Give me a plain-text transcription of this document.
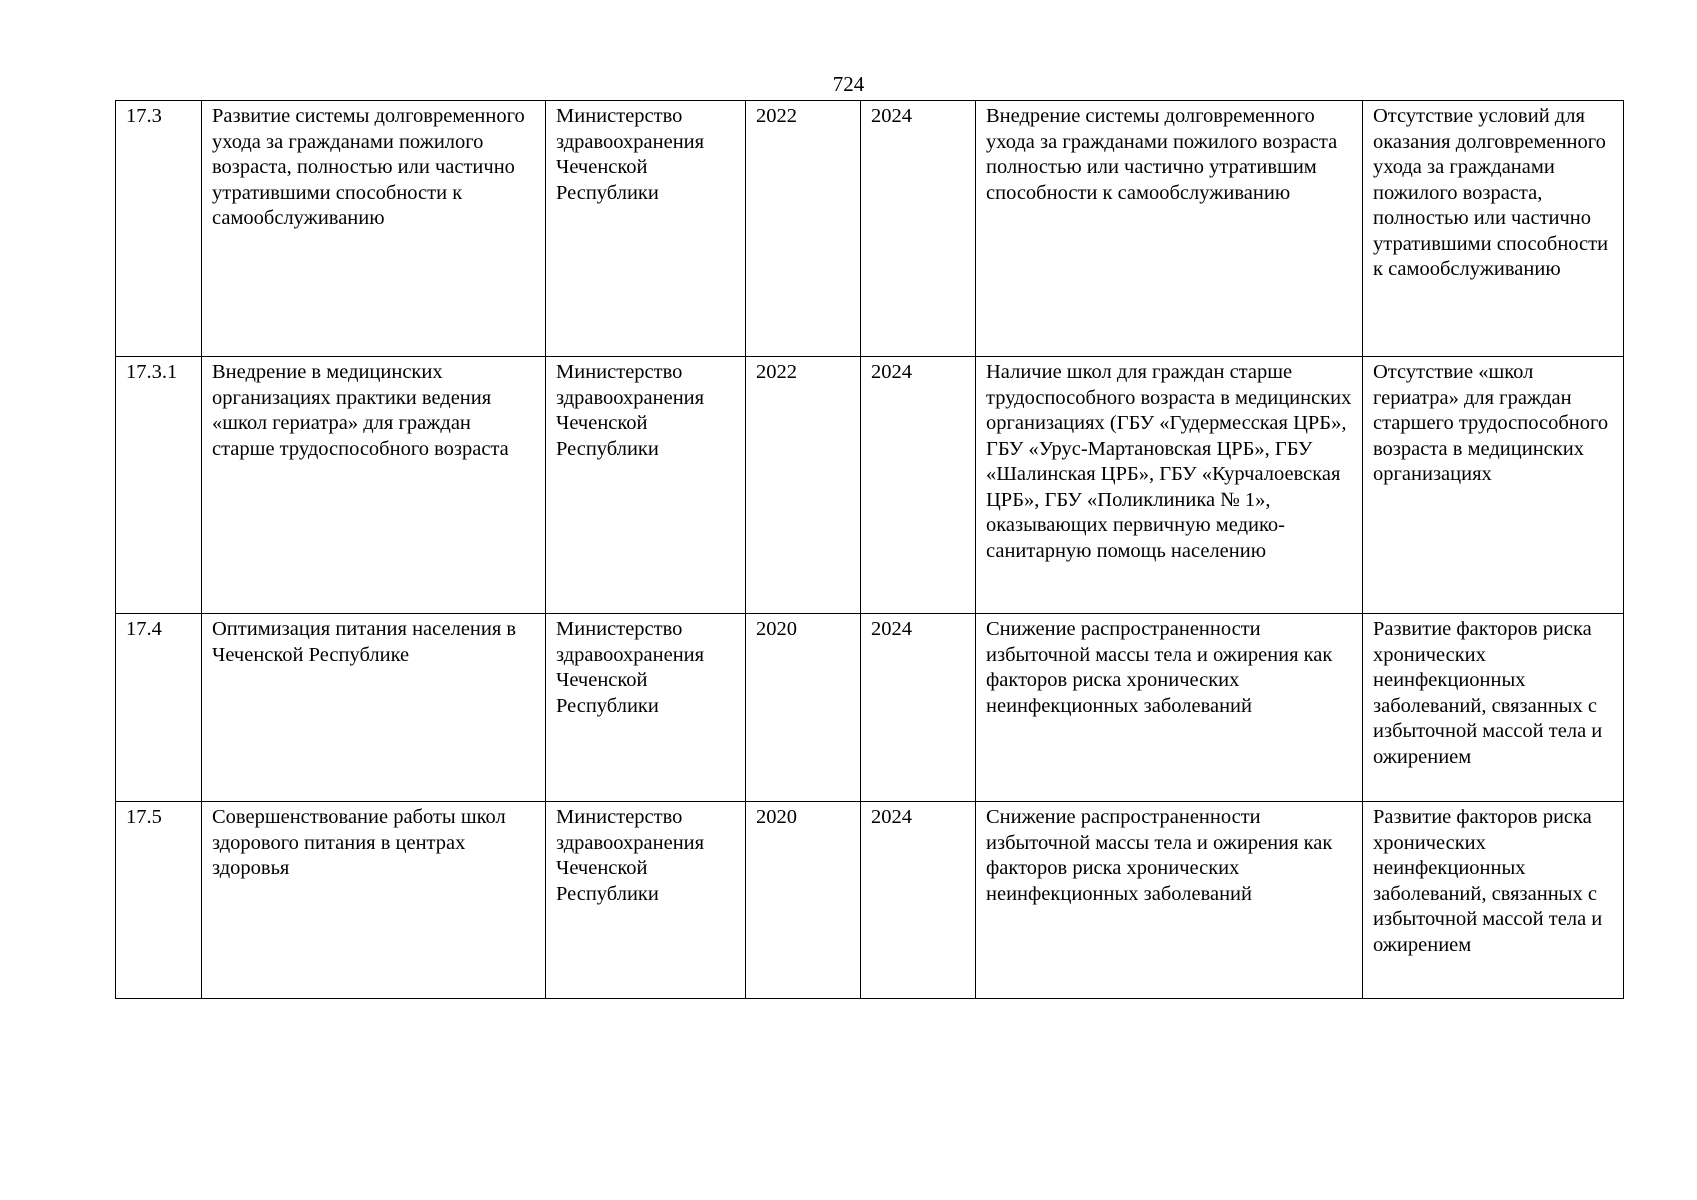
724
17.3	Развитие системы долговременного ухода за гражданами пожилого возраста, полностью или частично утратившими способности к самообслуживанию	Министерство здравоохранения Чеченской Республики	2022	2024	Внедрение системы долговременного ухода за гражданами пожилого возраста полностью или частично утратившим способности к самообслуживанию	Отсутствие условий для оказания долговременного ухода за гражданами пожилого возраста, полностью или частично утратившими способности к самообслуживанию
17.3.1	Внедрение в медицинских организациях практики ведения «школ гериатра» для граждан старше трудоспособного возраста	Министерство здравоохранения Чеченской Республики	2022	2024	Наличие школ для граждан старше трудоспособного возраста в медицинских организациях (ГБУ «Гудермесская ЦРБ», ГБУ «Урус-Мартановская ЦРБ», ГБУ «Шалинская ЦРБ», ГБУ «Курчалоевская ЦРБ», ГБУ «Поликлиника № 1», оказывающих первичную медико-санитарную помощь населению	Отсутствие «школ гериатра» для граждан старшего трудоспособного возраста в медицинских организациях
17.4	Оптимизация питания населения в Чеченской Республике	Министерство здравоохранения Чеченской Республики	2020	2024	Снижение распространенности избыточной массы тела и ожирения как факторов риска хронических неинфекционных заболеваний	Развитие факторов риска хронических неинфекционных заболеваний, связанных с избыточной массой тела и ожирением
17.5	Совершенствование работы школ здорового питания в центрах здоровья	Министерство здравоохранения Чеченской Республики	2020	2024	Снижение распространенности избыточной массы тела и ожирения как факторов риска хронических неинфекционных заболеваний	Развитие факторов риска хронических неинфекционных заболеваний, связанных с избыточной массой тела и ожирением
